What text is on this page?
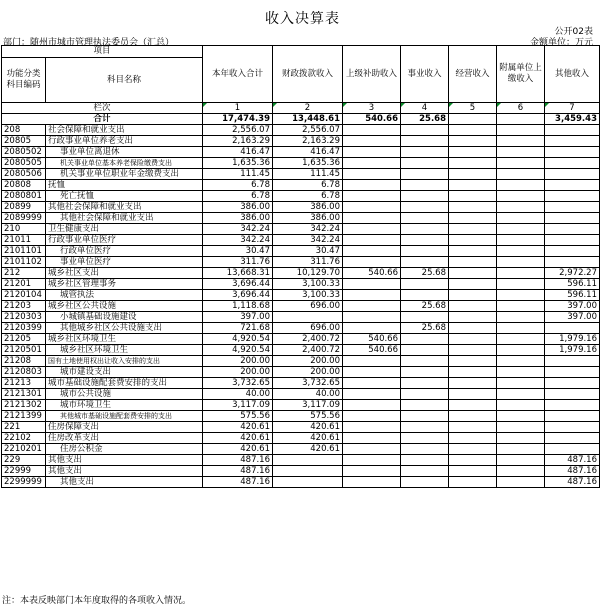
收入决算表
公开02表
部门：随州市城市管理执法委员会（汇总）	金额单位：万元
项目		本年收入合计	财政拨款收入	上级补助收入	事业收入	经营收入	附属单位上缴收入	其他收入
功能分类科目编码	科目名称							

栏次		1	2	3	4	5	6	7
合计		17,474.39	13,448.61	540.66	25.68			3,459.43
208	社会保障和就业支出	2,556.07	2,556.07					
20805	行政事业单位养老支出	2,163.29	2,163.29					
2080502	事业单位离退休	416.47	416.47					
2080505	机关事业单位基本养老保险缴费支出	1,635.36	1,635.36					
2080506	机关事业单位职业年金缴费支出	111.45	111.45					
20808	抚恤	6.78	6.78					
2080801	死亡抚恤	6.78	6.78					
20899	其他社会保障和就业支出	386.00	386.00					
2089999	其他社会保障和就业支出	386.00	386.00					
210	卫生健康支出	342.24	342.24					
21011	行政事业单位医疗	342.24	342.24					
2101101	行政单位医疗	30.47	30.47					
2101102	事业单位医疗	311.76	311.76					
212	城乡社区支出	13,668.31	10,129.70	540.66	25.68			2,972.27
21201	城乡社区管理事务	3,696.44	3,100.33					596.11
2120104	城管执法	3,696.44	3,100.33					596.11
21203	城乡社区公共设施	1,118.68	696.00		25.68			397.00
2120303	小城镇基础设施建设	397.00						397.00
2120399	其他城乡社区公共设施支出	721.68	696.00		25.68			
21205	城乡社区环境卫生	4,920.54	2,400.72	540.66				1,979.16
2120501	城乡社区环境卫生	4,920.54	2,400.72	540.66				1,979.16
21208	国有土地使用权出让收入安排的支出	200.00	200.00					
2120803	城市建设支出	200.00	200.00					
21213	城市基础设施配套费安排的支出	3,732.65	3,732.65					
2121301	城市公共设施	40.00	40.00					
2121302	城市环境卫生	3,117.09	3,117.09					
2121399	其他城市基础设施配套费安排的支出	575.56	575.56					
221	住房保障支出	420.61	420.61					
22102	住房改革支出	420.61	420.61					
2210201	住房公积金	420.61	420.61					
229	其他支出	487.16						487.16
22999	其他支出	487.16						487.16
2299999	其他支出	487.16						487.16
注：本表反映部门本年度取得的各项收入情况。
